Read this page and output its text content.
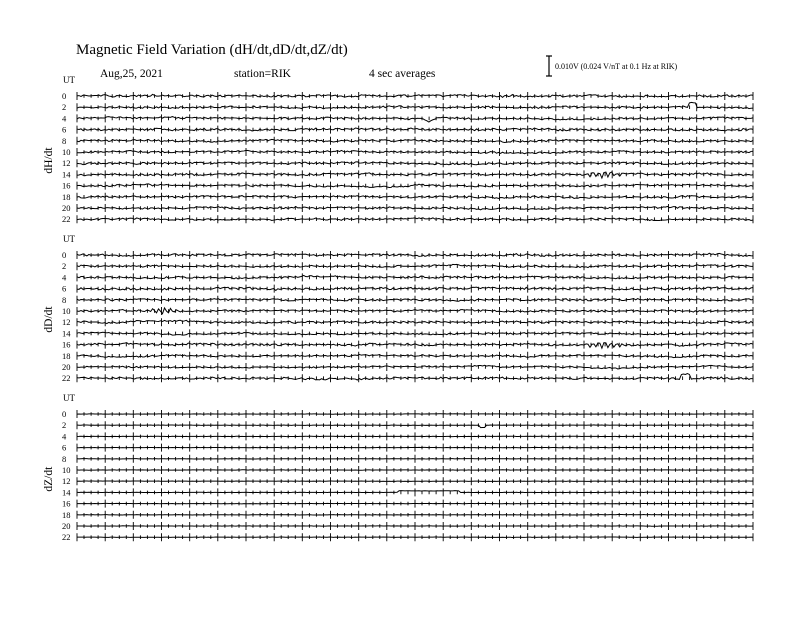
Magnetic Field Variation (dH/dt,dD/dt,dZ/dt)
Aug,25, 2021	station=RIK	4 sec averages
0.010V (0.024 V/nT at 0.1 Hz at RIK)
UT
dH/dt
0
2
4
6
8
10
12
14
16
18
20
22
UT
dD/dt
0
2
4
6
8
10
12
14
16
18
20
22
UT
dZ/dt
0
2
4
6
8
10
12
14
16
18
20
22
